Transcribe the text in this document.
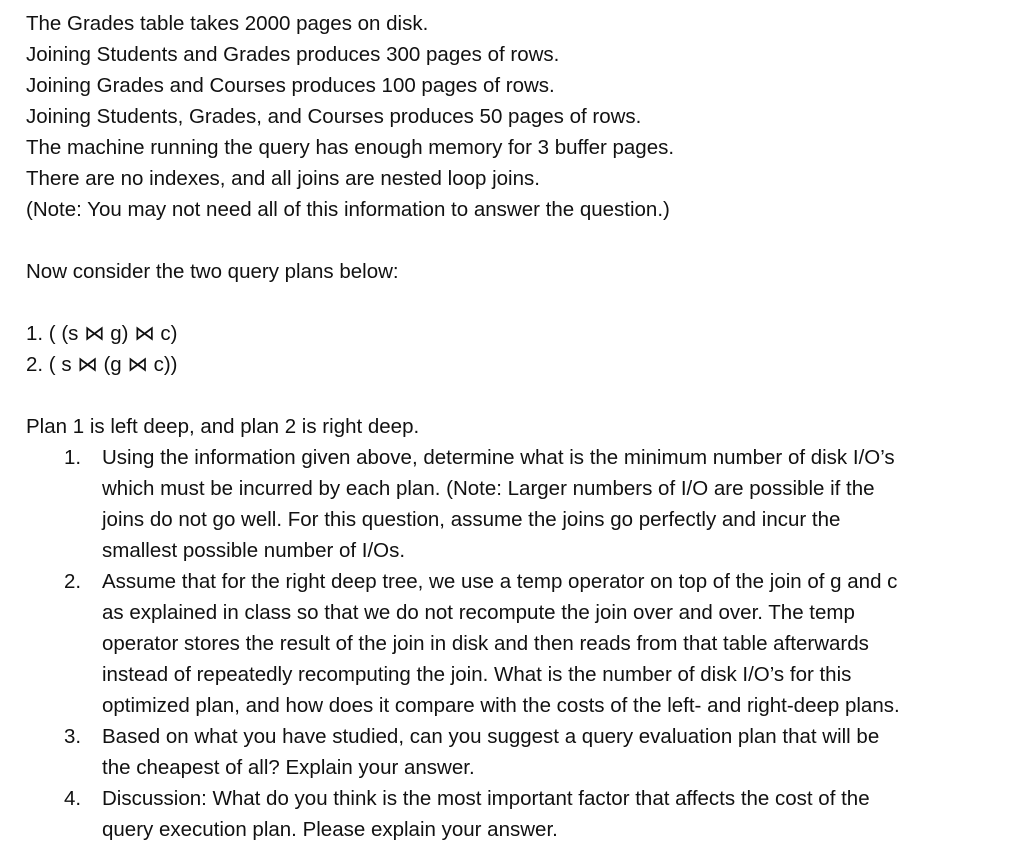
The Grades table takes 2000 pages on disk.
Joining Students and Grades produces 300 pages of rows.
Joining Grades and Courses produces 100 pages of rows.
Joining Students, Grades, and Courses produces 50 pages of rows.
The machine running the query has enough memory for 3 buffer pages.
There are no indexes, and all joins are nested loop joins.
(Note: You may not need all of this information to answer the question.)
Now consider the two query plans below:
1. ( (s ⋈ g) ⋈ c)
2. ( s ⋈ (g ⋈ c))
Plan 1 is left deep, and plan 2 is right deep.
1. Using the information given above, determine what is the minimum number of disk I/O’s
which must be incurred by each plan. (Note: Larger numbers of I/O are possible if the
joins do not go well. For this question, assume the joins go perfectly and incur the
smallest possible number of I/Os.
2. Assume that for the right deep tree, we use a temp operator on top of the join of g and c
as explained in class so that we do not recompute the join over and over. The temp
operator stores the result of the join in disk and then reads from that table afterwards
instead of repeatedly recomputing the join. What is the number of disk I/O’s for this
optimized plan, and how does it compare with the costs of the left- and right-deep plans.
3. Based on what you have studied, can you suggest a query evaluation plan that will be
the cheapest of all? Explain your answer.
4. Discussion: What do you think is the most important factor that affects the cost of the
query execution plan. Please explain your answer.
